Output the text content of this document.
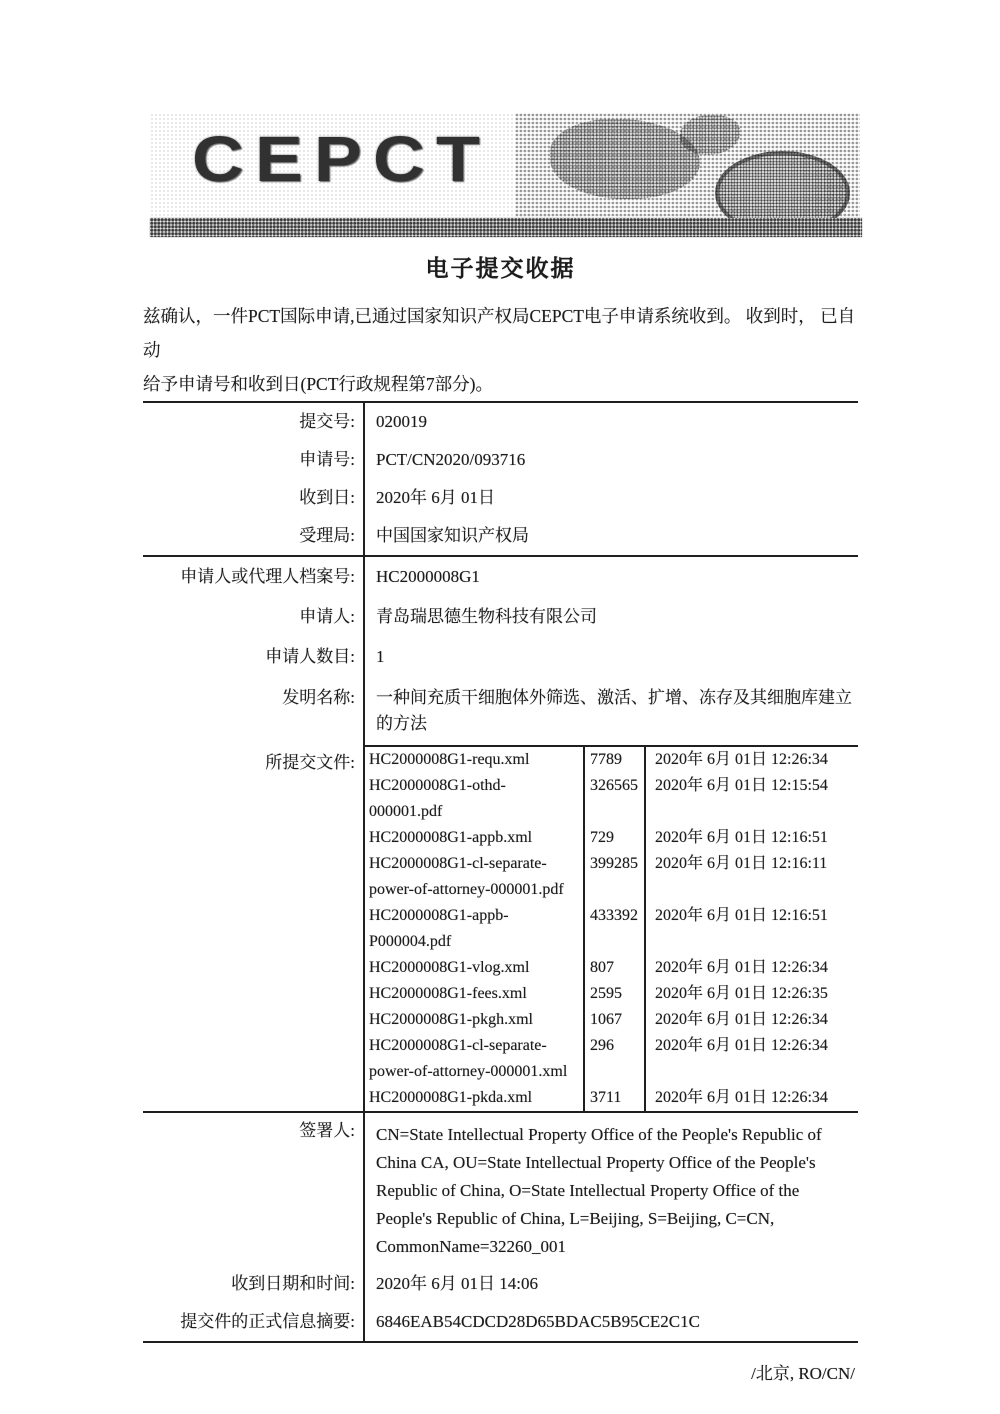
CEPCT
电子提交收据

兹确认，一件PCT国际申请,已通过国家知识产权局CEPCT电子申请系统收到。 收到时， 已自动
给予申请号和收到日(PCT行政规程第7部分)。

提交号:	020019
申请号:	PCT/CN2020/093716
收到日:	2020年 6月 01日
受理局:	中国国家知识产权局
申请人或代理人档案号:	HC2000008G1
申请人:	青岛瑞思德生物科技有限公司
申请人数目:	1
发明名称:	一种间充质干细胞体外筛选、激活、扩增、冻存及其细胞库建立的方法
所提交文件:	HC2000008G1-requ.xml	7789	2020年 6月 01日 12:26:34
HC2000008G1-othd-000001.pdf	326565	2020年 6月 01日 12:15:54
HC2000008G1-appb.xml	729	2020年 6月 01日 12:16:51
HC2000008G1-cl-separate-power-of-attorney-000001.pdf	399285	2020年 6月 01日 12:16:11
HC2000008G1-appb-P000004.pdf	433392	2020年 6月 01日 12:16:51
HC2000008G1-vlog.xml	807	2020年 6月 01日 12:26:34
HC2000008G1-fees.xml	2595	2020年 6月 01日 12:26:35
HC2000008G1-pkgh.xml	1067	2020年 6月 01日 12:26:34
HC2000008G1-cl-separate-power-of-attorney-000001.xml	296	2020年 6月 01日 12:26:34
HC2000008G1-pkda.xml	3711	2020年 6月 01日 12:26:34
签署人:	CN=State Intellectual Property Office of the People's Republic of
China CA, OU=State Intellectual Property Office of the People's
Republic of China, O=State Intellectual Property Office of the
People's Republic of China, L=Beijing, S=Beijing, C=CN,
CommonName=32260_001

收到日期和时间:	2020年 6月 01日 14:06
提交件的正式信息摘要:	6846EAB54CDCD28D65BDAC5B95CE2C1C
/北京, RO/CN/
